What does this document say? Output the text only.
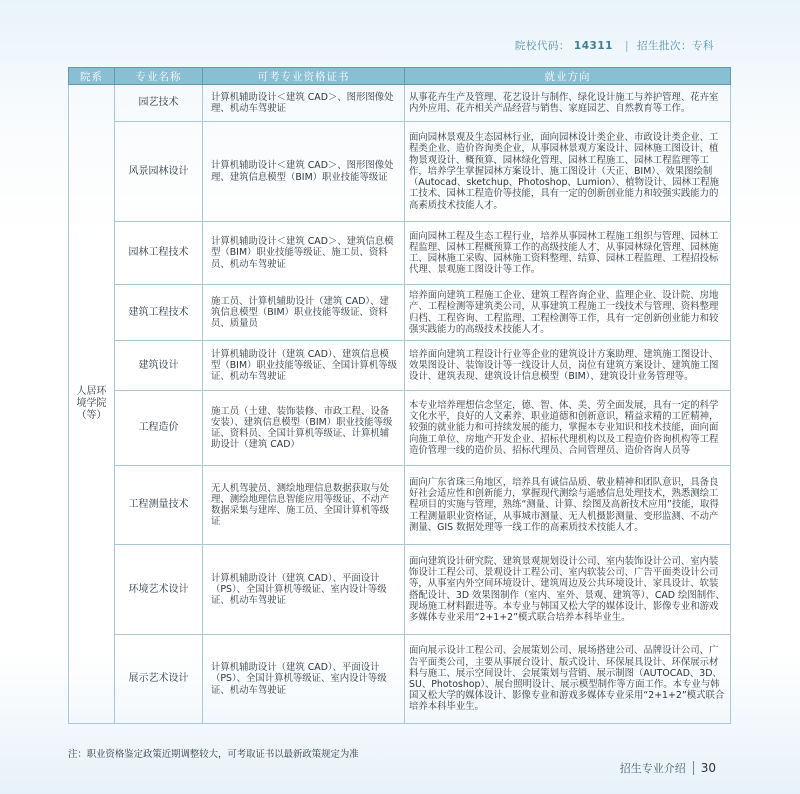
院校代码： 14311 | 招生批次： 专科
院系	专业名称	可考专业资格证书	就业方向
人居环境学院（等）	园艺技术	计算机辅助设计＜建筑 CAD＞、图形图像处理、机动车驾驶证	从事花卉生产及管理、花艺设计与制作、绿化设计施工与养护管理、花卉室内外应用、花卉相关产品经营与销售、家庭园艺、自然教育等工作。
	风景园林设计	计算机辅助设计＜建筑 CAD＞、图形图像处理、建筑信息模型（BIM）职业技能等级证	面向园林景观及生态园林行业，面向园林设计类企业、市政设计类企业、工程类企业、造价咨询类企业，从事园林景观方案设计、园林施工图设计、植物景观设计、概预算、园林绿化管理、园林工程施工、园林工程监理等工作，培养学生掌握园林方案设计、施工图设计（天正、BIM）、效果图绘制（Autocad、sketchup、Photoshop、Lumion）、植物设计、园林工程施工技术、园林工程造价等技能，具有一定的创新创业能力和较强实践能力的高素质技术技能人才。
	园林工程技术	计算机辅助设计＜建筑 CAD＞、建筑信息模型（BIM）职业技能等级证、施工员、资料员、机动车驾驶证	面向园林工程及生态工程行业，培养从事园林工程施工组织与管理、园林工程监理、园林工程概预算工作的高级技能人才，从事园林绿化管理、园林施工、园林施工采购、园林施工资料整理、结算、园林工程监理、工程招投标代理、景观施工图设计等工作。
	建筑工程技术	施工员、计算机辅助设计（建筑 CAD）、建筑信息模型（BIM）职业技能等级证、资料员、质量员	培养面向建筑工程施工企业、建筑工程咨询企业、监理企业、设计院、房地产、工程检测等建筑类公司，从事建筑工程施工一线技术与管理、资料整理归档、工程咨询、工程监理、工程检测等工作，具有一定创新创业能力和较强实践能力的高级技术技能人才。
	建筑设计	计算机辅助设计（建筑 CAD）、建筑信息模型（BIM）职业技能等级证、全国计算机等级证、机动车驾驶证	培养面向建筑工程设计行业等企业的建筑设计方案助理、建筑施工图设计、效果图设计、装饰设计等一线设计人员，岗位有建筑方案设计、建筑施工图设计、建筑表现、建筑设计信息模型（BIM）、建筑设计业务管理等。
	工程造价	施工员（土建、装饰装修、市政工程、设备安装）、建筑信息模型（BIM）职业技能等级证、资料员、全国计算机等级证、计算机辅助设计（建筑 CAD）	本专业培养理想信念坚定，德、智、体、美、劳全面发展，具有一定的科学文化水平，良好的人文素养、职业道德和创新意识，精益求精的工匠精神，较强的就业能力和可持续发展的能力，掌握本专业知识和技术技能，面向面向施工单位、房地产开发企业、招标代理机构以及工程造价咨询机构等工程造价管理一线的造价员、招标代理员、合同管理员、造价咨询人员等
	工程测量技术	无人机驾驶员、测绘地理信息数据获取与处理、测绘地理信息智能应用等级证、不动产数据采集与建库、施工员、全国计算机等级证	面向广东省珠三角地区，培养具有诚信品质、敬业精神和团队意识，具备良好社会适应性和创新能力，掌握现代测绘与遥感信息处理技术，熟悉测绘工程项目的实施与管理，熟练“测量、计算、绘图及高新技术应用”技能，取得工程测量职业资格证，从事城市测量、无人机摄影测量、变形监测、不动产测量、GIS 数据处理等一线工作的高素质技术技能人才。
	环境艺术设计	计算机辅助设计（建筑 CAD）、平面设计（PS）、全国计算机等级证、室内设计等级证、机动车驾驶证	面向建筑设计研究院、建筑景观规划设计公司、室内装饰设计公司、室内装饰设计工程公司、景观设计工程公司、室内软装公司、广告平面类设计公司等，从事室内外空间环境设计、建筑周边及公共环境设计、家具设计、软装搭配设计、3D 效果图制作（室内、室外、景观、建筑等）、CAD 绘图制作、现场施工材料跟进等。本专业与韩国又松大学的媒体设计、影像专业和游戏多媒体专业采用“2+1+2”模式联合培养本科毕业生。
	展示艺术设计	计算机辅助设计（建筑 CAD）、平面设计（PS）、全国计算机等级证、室内设计等级证、机动车驾驶证	面向展示设计工程公司、会展策划公司、展场搭建公司、品牌设计公司、广告平面类公司，主要从事展台设计、版式设计、环保展具设计、环保展示材料与施工、展示空间设计、会展策划与营销、展示制图（AUTOCAD、3D、SU、Photoshop）、展台照明设计、展示模型制作等方面工作。本专业与韩国又松大学的媒体设计、影像专业和游戏多媒体专业采用“2+1+2”模式联合培养本科毕业生。
注：职业资格鉴定政策近期调整较大，可考取证书以最新政策规定为准
招生专业介绍 30
